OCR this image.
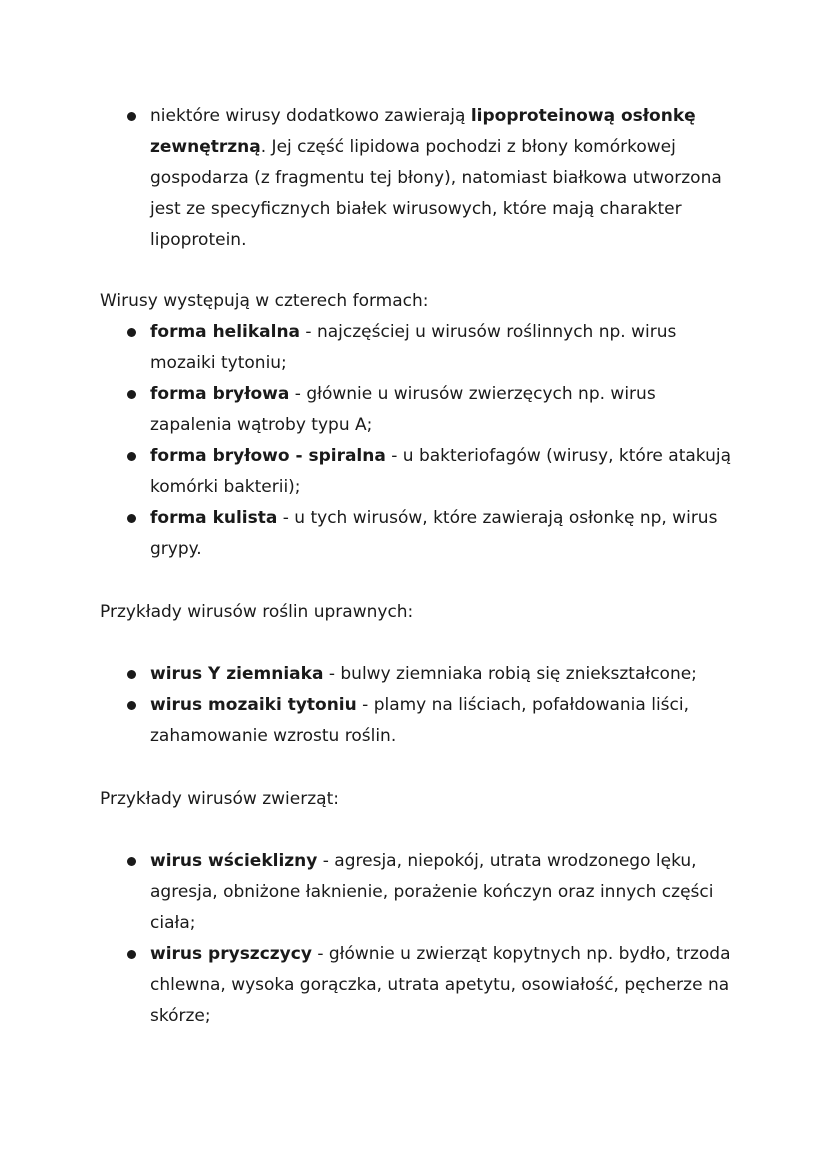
niektóre wirusy dodatkowo zawierają lipoproteinową osłonkę zewnętrzną. Jej część lipidowa pochodzi z błony komórkowej gospodarza (z fragmentu tej błony), natomiast białkowa utworzona jest ze specyficznych białek wirusowych, które mają charakter lipoprotein.

Wirusy występują w czterech formach:

forma helikalna - najczęściej u wirusów roślinnych np. wirus mozaiki tytoniu;
forma bryłowa - głównie u wirusów zwierzęcych np. wirus zapalenia wątroby typu A;
forma bryłowo - spiralna - u bakteriofagów (wirusy, które atakują komórki bakterii);
forma kulista - u tych wirusów, które zawierają osłonkę np, wirus grypy.

Przykłady wirusów roślin uprawnych:

wirus Y ziemniaka - bulwy ziemniaka robią się zniekształcone;
wirus mozaiki tytoniu - plamy na liściach, pofałdowania liści, zahamowanie wzrostu roślin.

Przykłady wirusów zwierząt:

wirus wścieklizny - agresja, niepokój, utrata wrodzonego lęku, agresja, obniżone łaknienie, porażenie kończyn oraz innych części ciała;
wirus pryszczycy - głównie u zwierząt kopytnych np. bydło, trzoda chlewna, wysoka gorączka, utrata apetytu, osowiałość, pęcherze na skórze;
